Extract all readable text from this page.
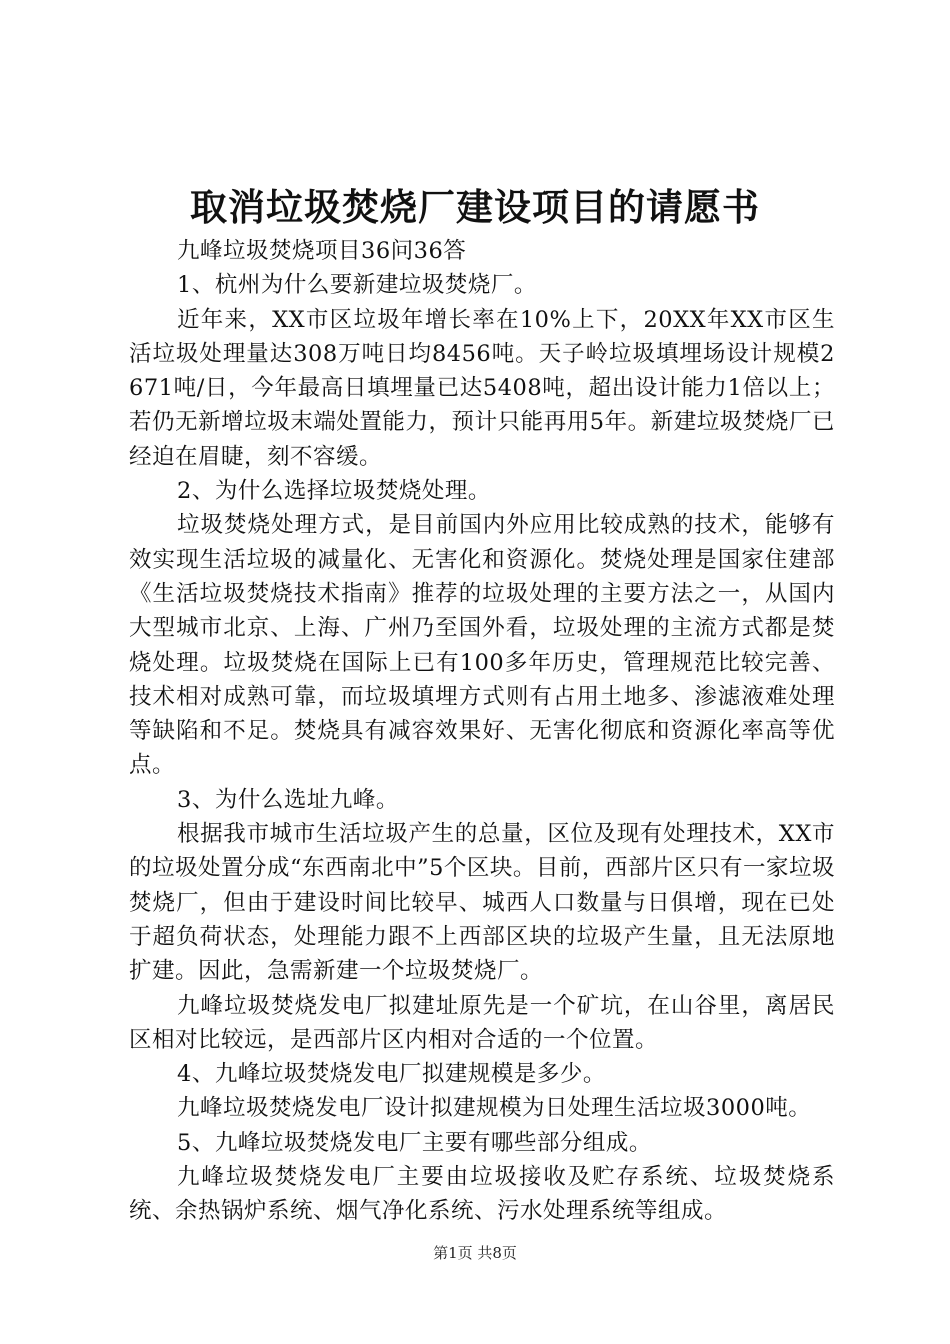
取消垃圾焚烧厂建设项目的请愿书

九峰垃圾焚烧项目36问36答

1、杭州为什么要新建垃圾焚烧厂。

近年来，XX市区垃圾年增长率在10%上下，20XX年XX市区生活垃圾处理量达308万吨日均8456吨。天子岭垃圾填埋场设计规模2671吨/日，今年最高日填埋量已达5408吨，超出设计能力1倍以上；若仍无新增垃圾末端处置能力，预计只能再用5年。新建垃圾焚烧厂已经迫在眉睫，刻不容缓。

2、为什么选择垃圾焚烧处理。

垃圾焚烧处理方式，是目前国内外应用比较成熟的技术，能够有效实现生活垃圾的减量化、无害化和资源化。焚烧处理是国家住建部《生活垃圾焚烧技术指南》推荐的垃圾处理的主要方法之一，从国内大型城市北京、上海、广州乃至国外看，垃圾处理的主流方式都是焚烧处理。垃圾焚烧在国际上已有100多年历史，管理规范比较完善、技术相对成熟可靠，而垃圾填埋方式则有占用土地多、渗滤液难处理等缺陷和不足。焚烧具有减容效果好、无害化彻底和资源化率高等优点。

3、为什么选址九峰。

根据我市城市生活垃圾产生的总量，区位及现有处理技术，XX市的垃圾处置分成“东西南北中”5个区块。目前，西部片区只有一家垃圾焚烧厂，但由于建设时间比较早、城西人口数量与日俱增，现在已处于超负荷状态，处理能力跟不上西部区块的垃圾产生量，且无法原地扩建。因此，急需新建一个垃圾焚烧厂。

九峰垃圾焚烧发电厂拟建址原先是一个矿坑，在山谷里，离居民区相对比较远，是西部片区内相对合适的一个位置。

4、九峰垃圾焚烧发电厂拟建规模是多少。

九峰垃圾焚烧发电厂设计拟建规模为日处理生活垃圾3000吨。

5、九峰垃圾焚烧发电厂主要有哪些部分组成。

九峰垃圾焚烧发电厂主要由垃圾接收及贮存系统、垃圾焚烧系统、余热锅炉系统、烟气净化系统、污水处理系统等组成。

第1页 共8页
